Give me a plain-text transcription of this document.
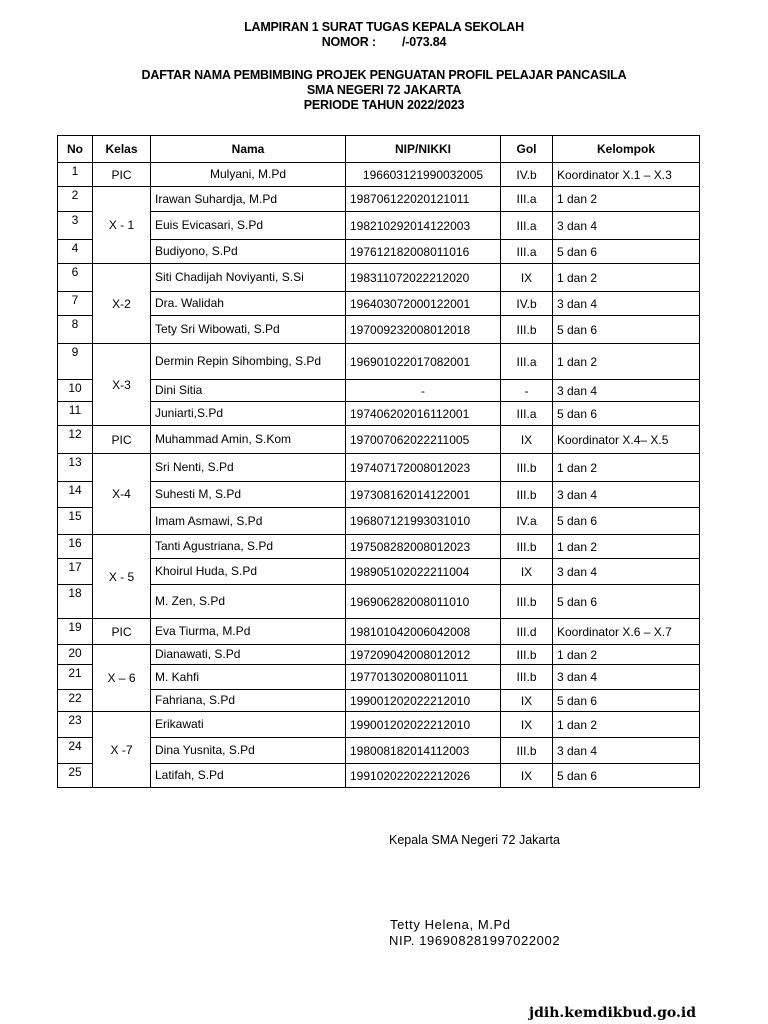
LAMPIRAN 1 SURAT TUGAS KEPALA SEKOLAH
NOMOR :        /-073.84
DAFTAR NAMA PEMBIMBING PROJEK PENGUATAN PROFIL PELAJAR PANCASILA
SMA NEGERI 72 JAKARTA
PERIODE TAHUN 2022/2023
No	Kelas	Nama	NIP/NIKKI	Gol	Kelompok
1	PIC	Mulyani, M.Pd	196603121990032005	IV.b	Koordinator X.1 – X.3
2	X - 1	Irawan Suhardja, M.Pd	198706122020121011	III.a	1 dan 2
3		Euis Evicasari, S.Pd	198210292014122003	III.a	3 dan 4
4		Budiyono, S.Pd	197612182008011016	III.a	5 dan 6
6	X-2	Siti Chadijah Noviyanti, S.Si	198311072022212020	IX	1 dan 2
7		Dra. Walidah	196403072000122001	IV.b	3 dan 4
8		Tety Sri Wibowati, S.Pd	197009232008012018	III.b	5 dan 6
9	X-3	Dermin Repin Sihombing, S.Pd	196901022017082001	III.a	1 dan 2
10		Dini Sitia	-	-	3 dan 4
11		Juniarti,S.Pd	197406202016112001	III.a	5 dan 6
12	PIC	Muhammad Amin, S.Kom	197007062022211005	IX	Koordinator X.4– X.5
13	X-4	Sri Nenti, S.Pd	197407172008012023	III.b	1 dan 2
14		Suhesti M, S.Pd	197308162014122001	III.b	3 dan 4
15		Imam Asmawi, S.Pd	196807121993031010	IV.a	5 dan 6
16	X - 5	Tanti Agustriana, S.Pd	197508282008012023	III.b	1 dan 2
17		Khoirul Huda, S.Pd	198905102022211004	IX	3 dan 4
18		M. Zen, S.Pd	196906282008011010	III.b	5 dan 6
19	PIC	Eva Tiurma, M.Pd	198101042006042008	III.d	Koordinator X.6 – X.7
20	X – 6	Dianawati, S.Pd	197209042008012012	III.b	1 dan 2
21		M. Kahfi	197701302008011011	III.b	3 dan 4
22		Fahriana, S.Pd	199001202022212010	IX	5 dan 6
23	X -7	Erikawati	199001202022212010	IX	1 dan 2
24		Dina Yusnita, S.Pd	198008182014112003	III.b	3 dan 4
25		Latifah, S.Pd	199102022022212026	IX	5 dan 6
Kepala SMA Negeri 72 Jakarta
Tetty Helena, M.Pd
NIP. 196908281997022002
jdih.kemdikbud.go.id
